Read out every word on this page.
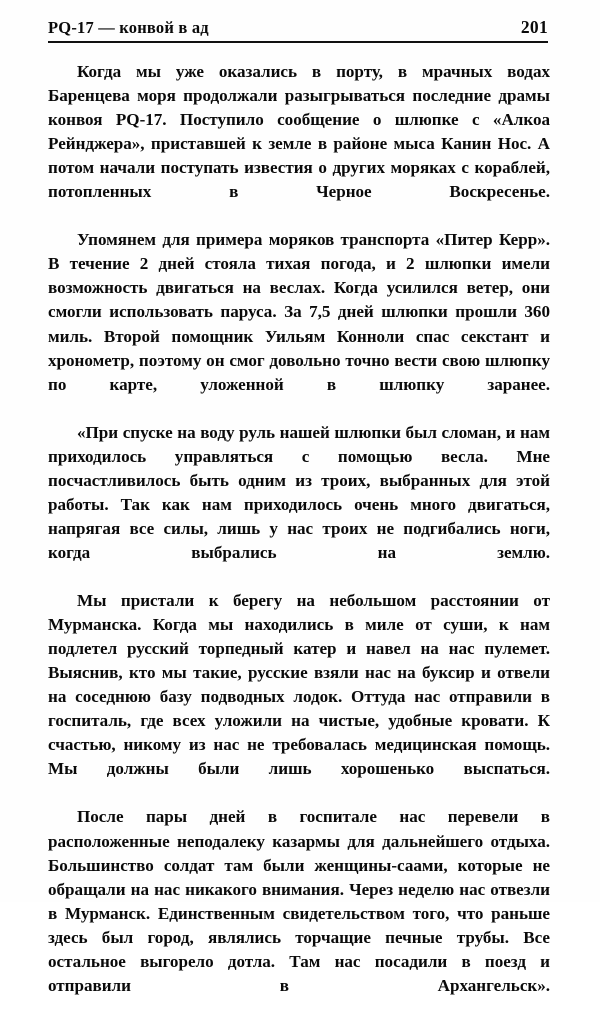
PQ-17 — конвой в ад	201

Когда мы уже оказались в порту, в мрачных водах Баренцева моря продолжали разыгрываться последние драмы конвоя PQ-17. Поступило сообщение о шлюпке с «Алкоа Рейнджера», приставшей к земле в районе мыса Канин Нос. А потом начали поступать известия о других моряках с кораблей, потопленных в Черное Воскресенье.

Упомянем для примера моряков транспорта «Питер Керр». В течение 2 дней стояла тихая погода, и 2 шлюпки имели возможность двигаться на веслах. Когда усилился ветер, они смогли использовать паруса. За 7,5 дней шлюпки прошли 360 миль. Второй помощник Уильям Конноли спас секстант и хронометр, поэтому он смог довольно точно вести свою шлюпку по карте, уложенной в шлюпку заранее.

«При спуске на воду руль нашей шлюпки был сломан, и нам приходилось управляться с помощью весла. Мне посчастливилось быть одним из троих, выбранных для этой работы. Так как нам приходилось очень много двигаться, напрягая все силы, лишь у нас троих не подгибались ноги, когда выбрались на землю.

Мы пристали к берегу на небольшом расстоянии от Мурманска. Когда мы находились в миле от суши, к нам подлетел русский торпедный катер и навел на нас пулемет. Выяснив, кто мы такие, русские взяли нас на буксир и отвели на соседнюю базу подводных лодок. Оттуда нас отправили в госпиталь, где всех уложили на чистые, удобные кровати. К счастью, никому из нас не требовалась медицинская помощь. Мы должны были лишь хорошенько выспаться.

После пары дней в госпитале нас перевели в расположенные неподалеку казармы для дальнейшего отдыха. Большинство солдат там были женщины-саами, которые не обращали на нас никакого внимания. Через неделю нас отвезли в Мурманск. Единственным свидетельством того, что раньше здесь был город, являлись торчащие печные трубы. Все остальное выгорело дотла. Там нас посадили в поезд и отправили в Архангельск».
